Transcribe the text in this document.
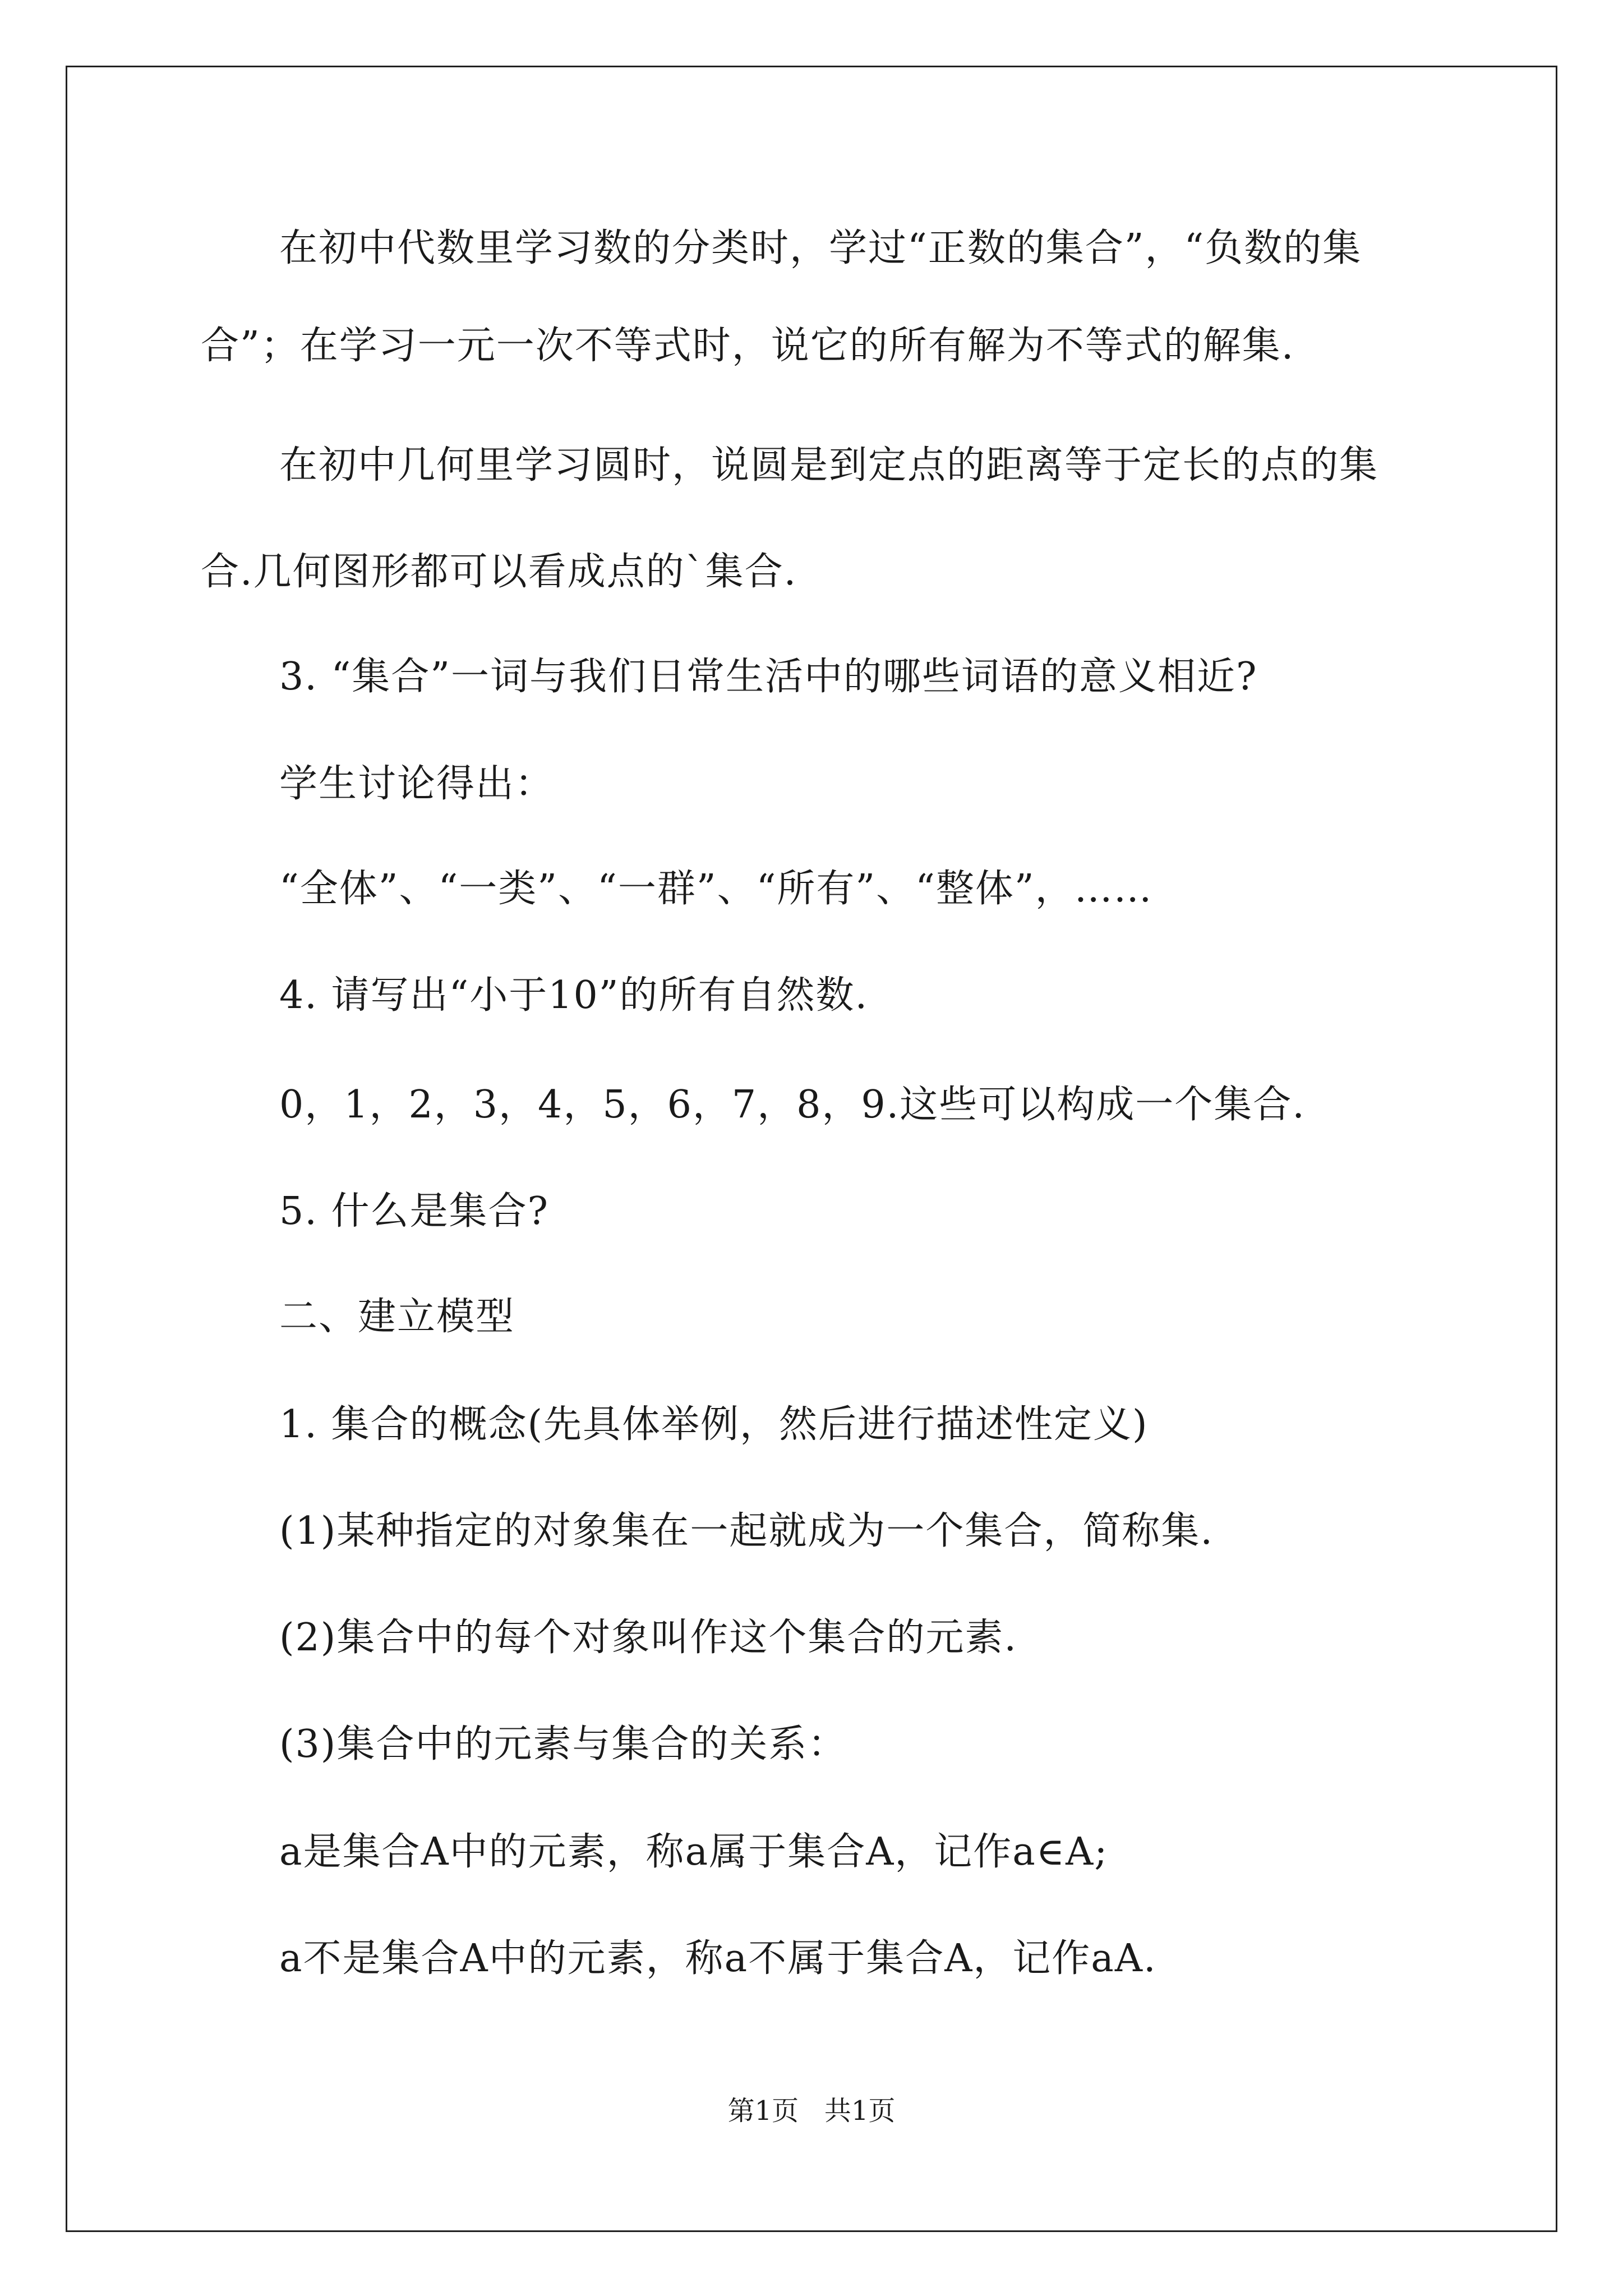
在初中代数里学习数的分类时，学过“正数的集合”，“负数的集

合”；在学习一元一次不等式时，说它的所有解为不等式的解集.

在初中几何里学习圆时，说圆是到定点的距离等于定长的点的集

合.几何图形都可以看成点的`集合.

3. “集合”一词与我们日常生活中的哪些词语的意义相近?

学生讨论得出：

“全体”、“一类”、“一群”、“所有”、“整体”，……

4. 请写出“小于10”的所有自然数.

0，1，2，3，4，5，6，7，8，9.这些可以构成一个集合.

5. 什么是集合?

二、建立模型

1. 集合的概念(先具体举例，然后进行描述性定义)

(1)某种指定的对象集在一起就成为一个集合，简称集.

(2)集合中的每个对象叫作这个集合的元素.

(3)集合中的元素与集合的关系：

a是集合A中的元素，称a属于集合A，记作a∈A;

a不是集合A中的元素，称a不属于集合A，记作aA.

第1页   共1页
